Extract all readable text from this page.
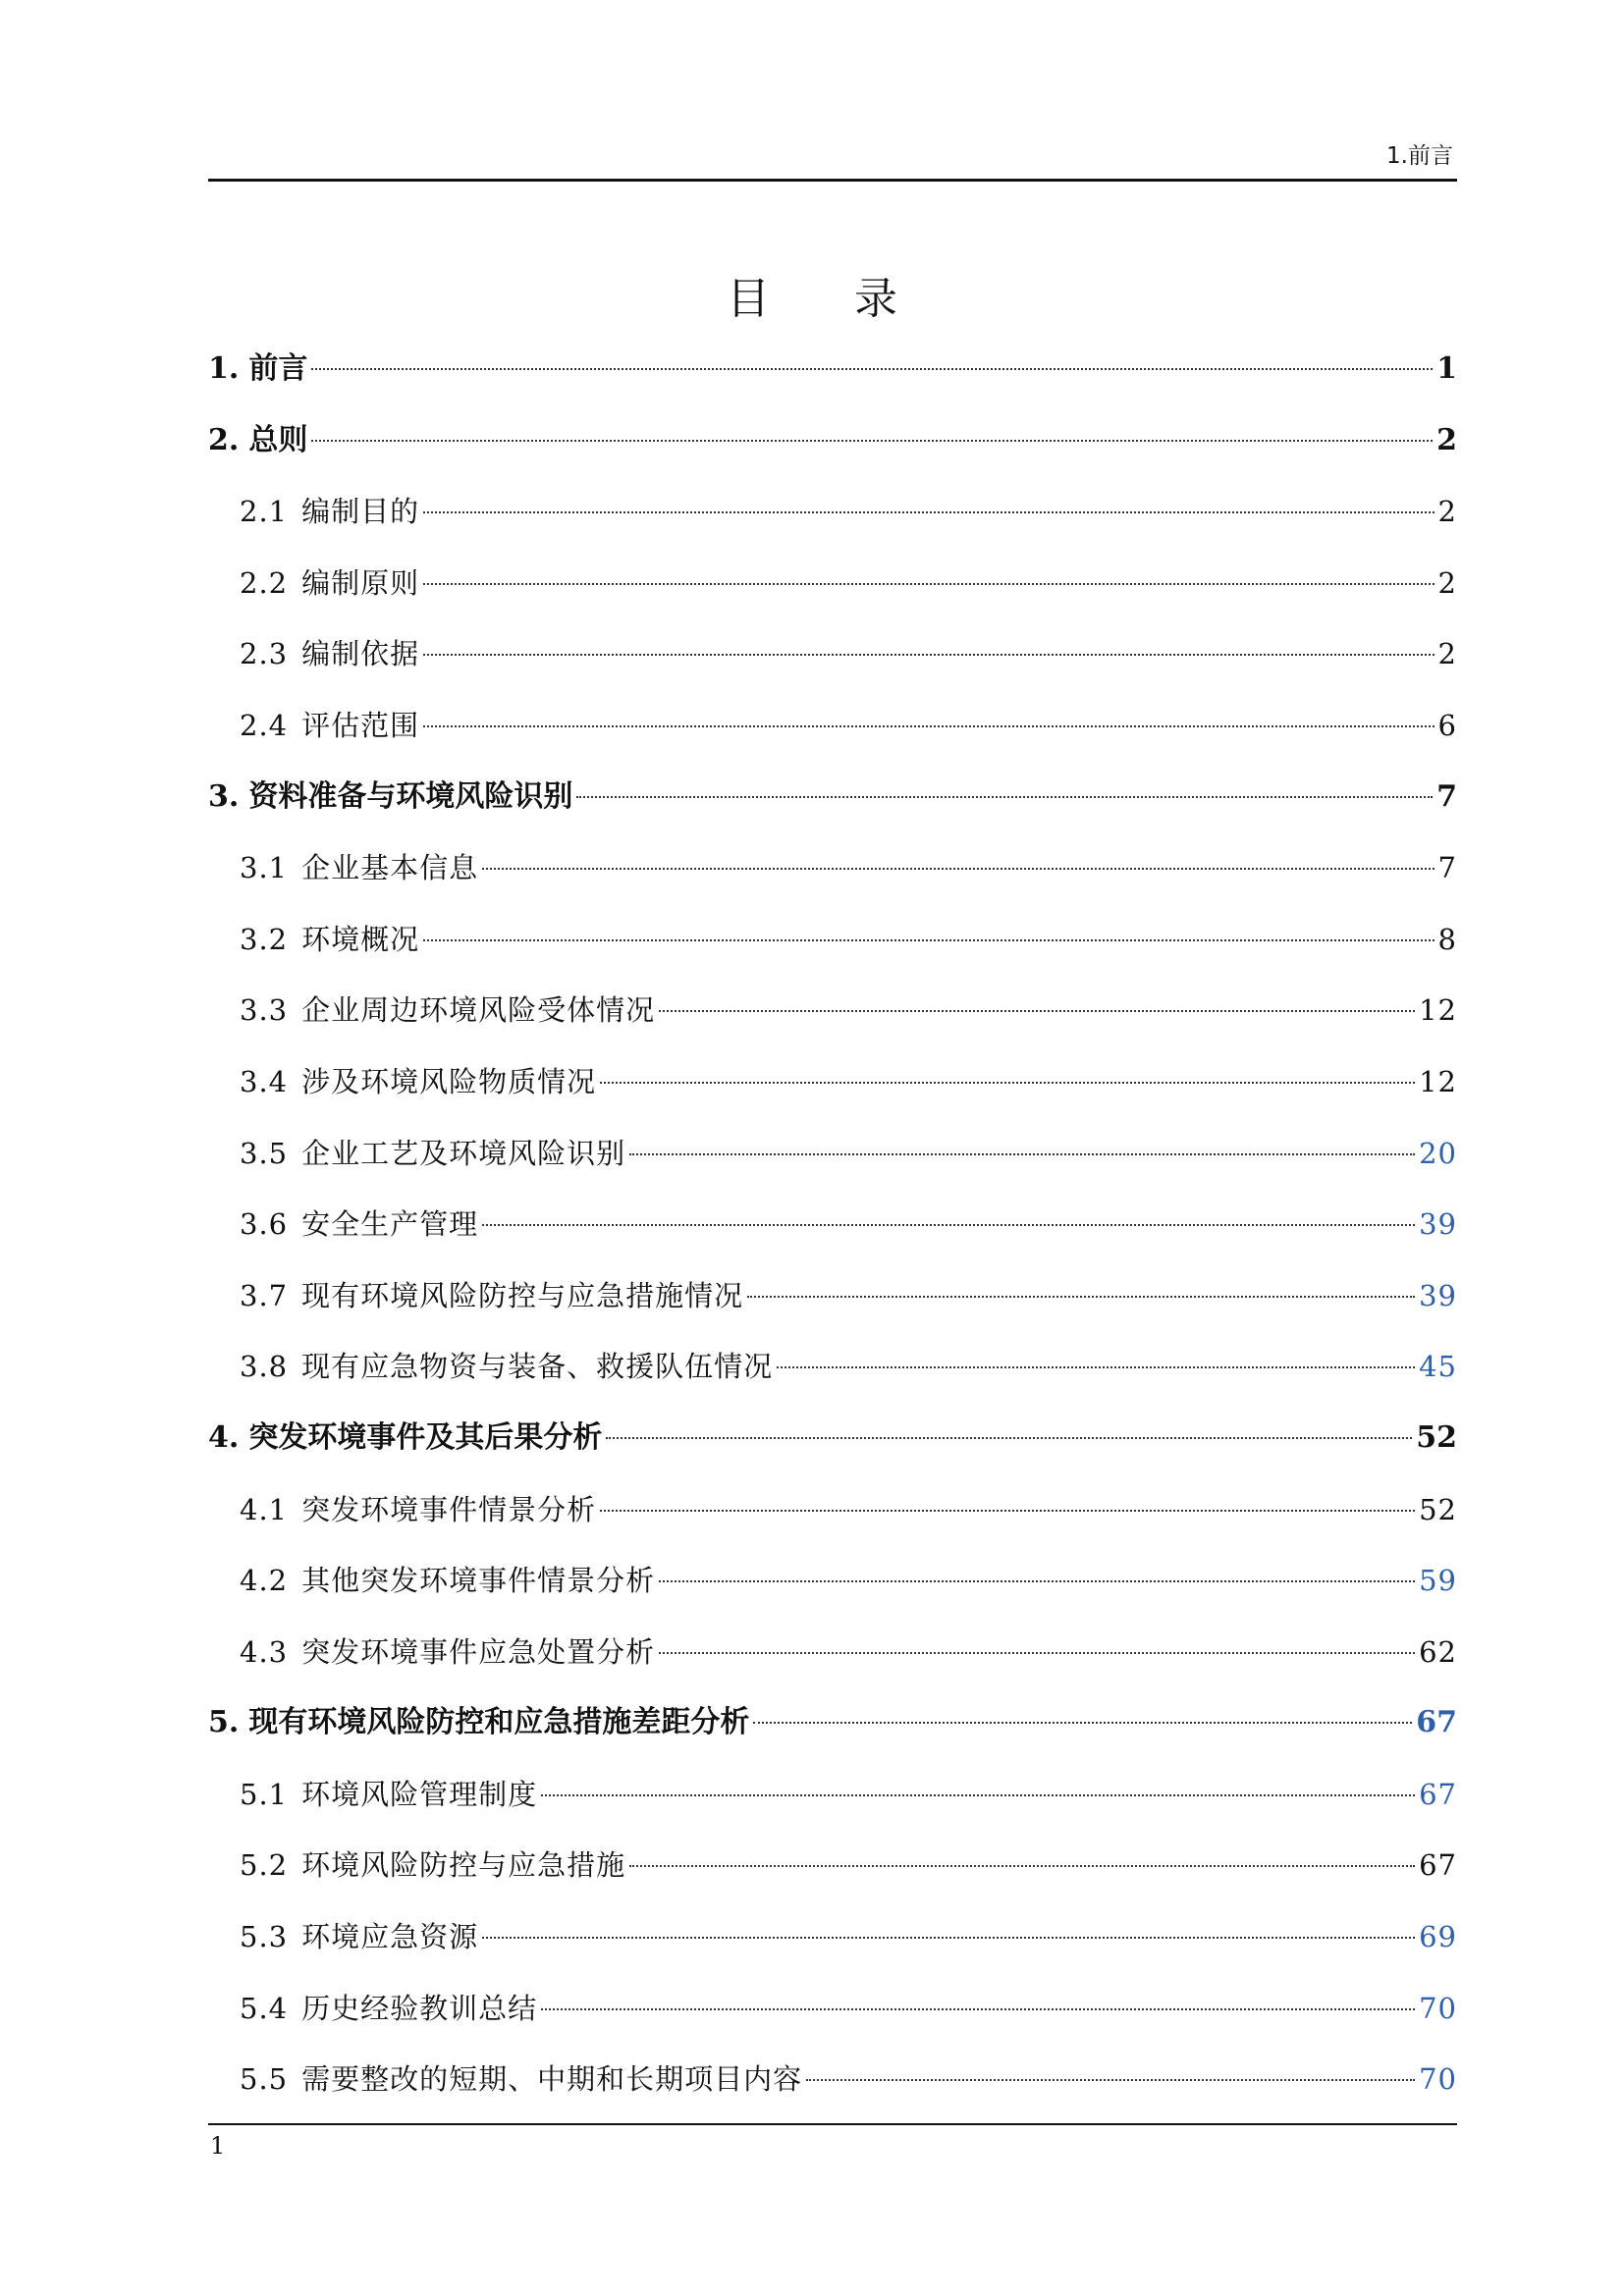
1.前言
目 录
1. 前言	1
2. 总则	2
2.1 编制目的	2
2.2 编制原则	2
2.3 编制依据	2
2.4 评估范围	6
3. 资料准备与环境风险识别	7
3.1 企业基本信息	7
3.2 环境概况	8
3.3 企业周边环境风险受体情况	12
3.4 涉及环境风险物质情况	12
3.5 企业工艺及环境风险识别	20
3.6 安全生产管理	39
3.7 现有环境风险防控与应急措施情况	39
3.8 现有应急物资与装备、救援队伍情况	45
4. 突发环境事件及其后果分析	52
4.1 突发环境事件情景分析	52
4.2 其他突发环境事件情景分析	59
4.3 突发环境事件应急处置分析	62
5. 现有环境风险防控和应急措施差距分析	67
5.1 环境风险管理制度	67
5.2 环境风险防控与应急措施	67
5.3 环境应急资源	69
5.4 历史经验教训总结	70
5.5 需要整改的短期、中期和长期项目内容	70
1
